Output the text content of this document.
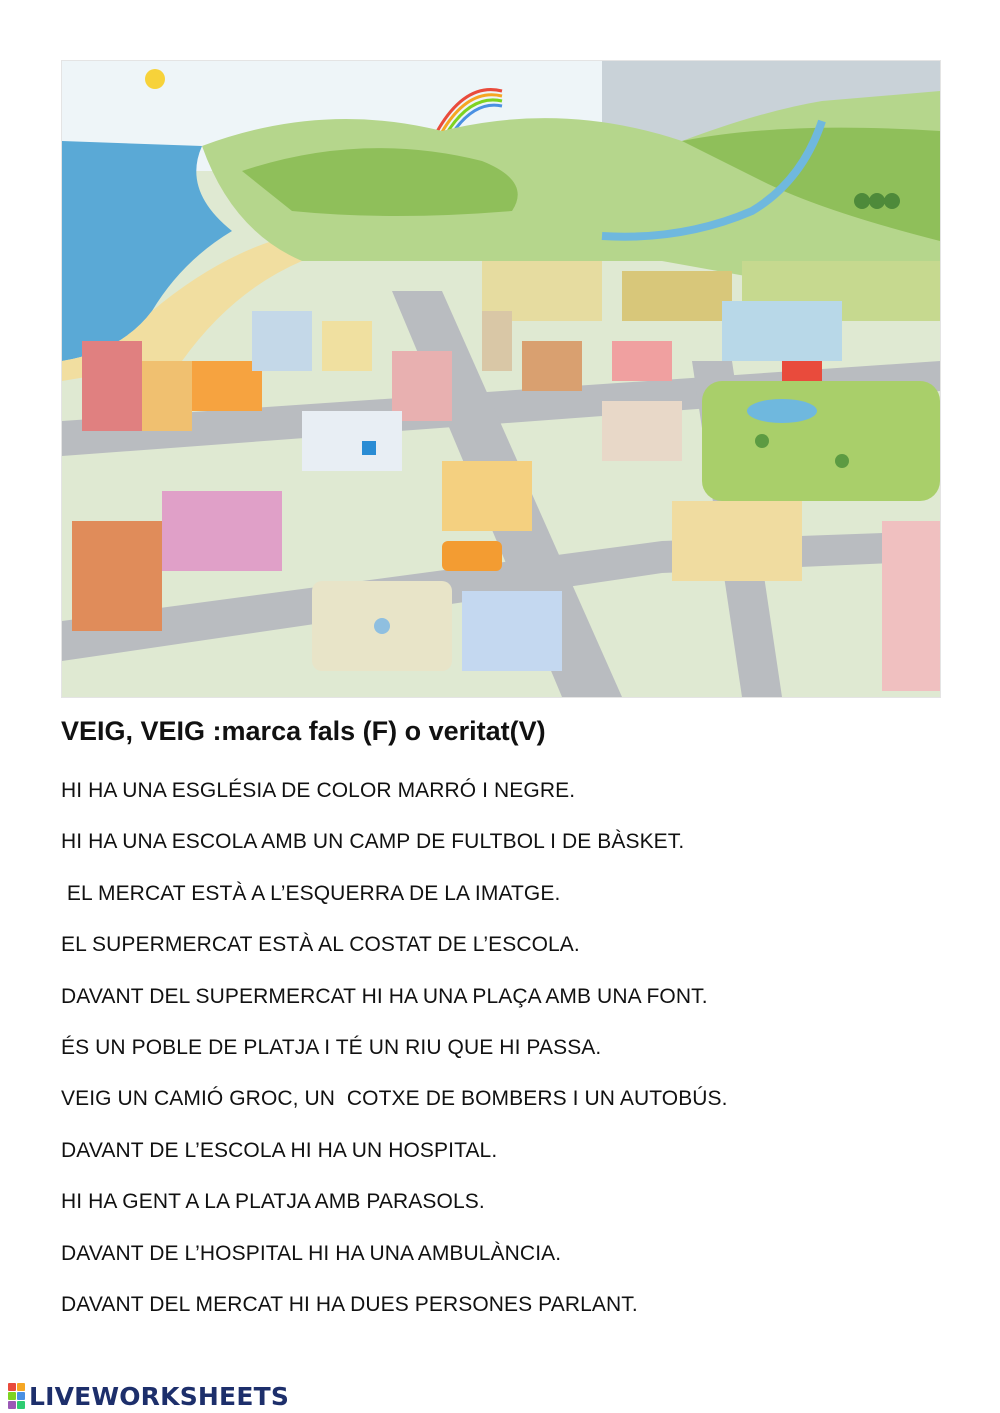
VEIG, VEIG :marca fals (F) o veritat(V)
HI HA UNA ESGLÉSIA DE COLOR MARRÓ I NEGRE.
HI HA UNA ESCOLA AMB UN CAMP DE FULTBOL I DE BÀSKET.
EL MERCAT ESTÀ A L’ESQUERRA DE LA IMATGE.
EL SUPERMERCAT ESTÀ AL COSTAT DE L’ESCOLA.
DAVANT DEL SUPERMERCAT HI HA UNA PLAÇA AMB UNA FONT.
ÉS UN POBLE DE PLATJA I TÉ UN RIU QUE HI PASSA.
VEIG UN CAMIÓ GROC, UN  COTXE DE BOMBERS I UN AUTOBÚS.
DAVANT DE L’ESCOLA HI HA UN HOSPITAL.
HI HA GENT A LA PLATJA AMB PARASOLS.
DAVANT DE L’HOSPITAL HI HA UNA AMBULÀNCIA.
DAVANT DEL MERCAT HI HA DUES PERSONES PARLANT.
LIVEWORKSHEETS
